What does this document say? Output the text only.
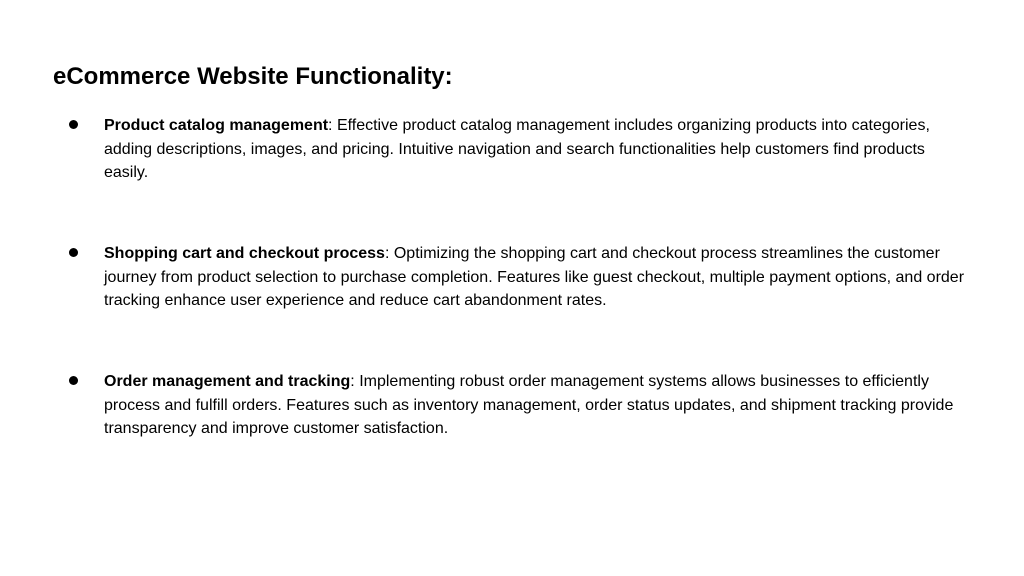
eCommerce Website Functionality:
Product catalog management: Effective product catalog management includes organizing products into categories, adding descriptions, images, and pricing. Intuitive navigation and search functionalities help customers find products easily.
Shopping cart and checkout process: Optimizing the shopping cart and checkout process streamlines the customer journey from product selection to purchase completion. Features like guest checkout, multiple payment options, and order tracking enhance user experience and reduce cart abandonment rates.
Order management and tracking: Implementing robust order management systems allows businesses to efficiently process and fulfill orders. Features such as inventory management, order status updates, and shipment tracking provide transparency and improve customer satisfaction.
